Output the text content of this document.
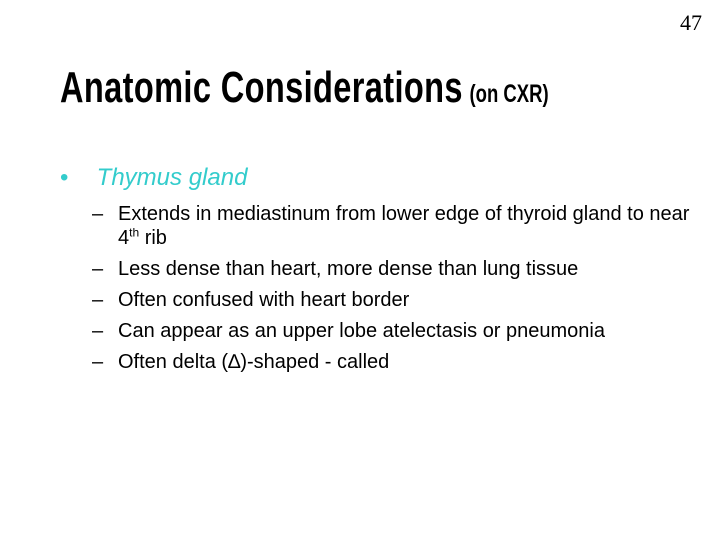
47
Anatomic Considerations (on CXR)
• Thymus gland
– Extends in mediastinum from lower edge of thyroid gland to near 4th rib
– Less dense than heart, more dense than lung tissue
– Often confused with heart border
– Can appear as an upper lobe atelectasis or pneumonia
– Often delta (∆)-shaped - called
